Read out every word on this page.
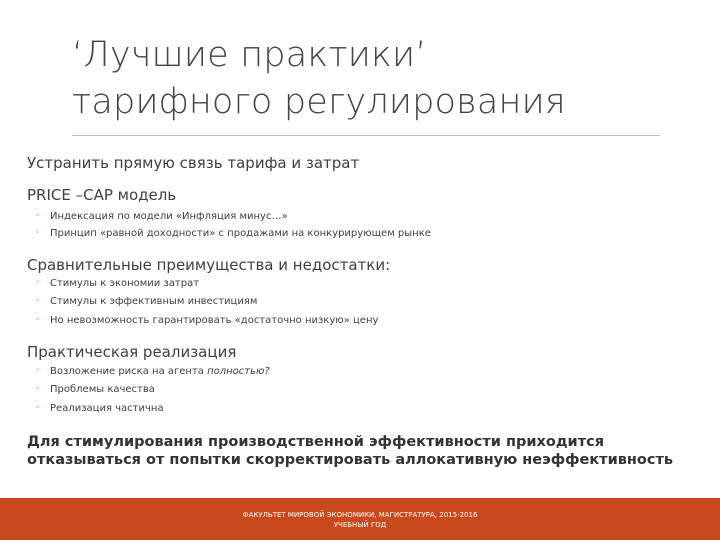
‘Лучшие практики’
тарифного регулирования
Устранить прямую связь тарифа и затрат
PRICE –CAP модель
◦ Индексация по модели «Инфляция минус…»
◦ Принцип «равной доходности» с продажами на конкурирующем рынке
Сравнительные преимущества и недостатки:
◦ Стимулы к экономии затрат
◦ Стимулы к эффективным инвестициям
◦ Но невозможность гарантировать «достаточно низкую» цену
Практическая реализация
◦ Возложение риска на агента полностью?
◦ Проблемы качества
◦ Реализация частична
Для стимулирования производственной эффективности приходится отказываться от попытки скорректировать аллокативную неэффективность
ФАКУЛЬТЕТ МИРОВОЙ ЭКОНОМИКИ, МАГИСТРАТУРА, 2015-2016
УЧЕБНЫЙ ГОД
